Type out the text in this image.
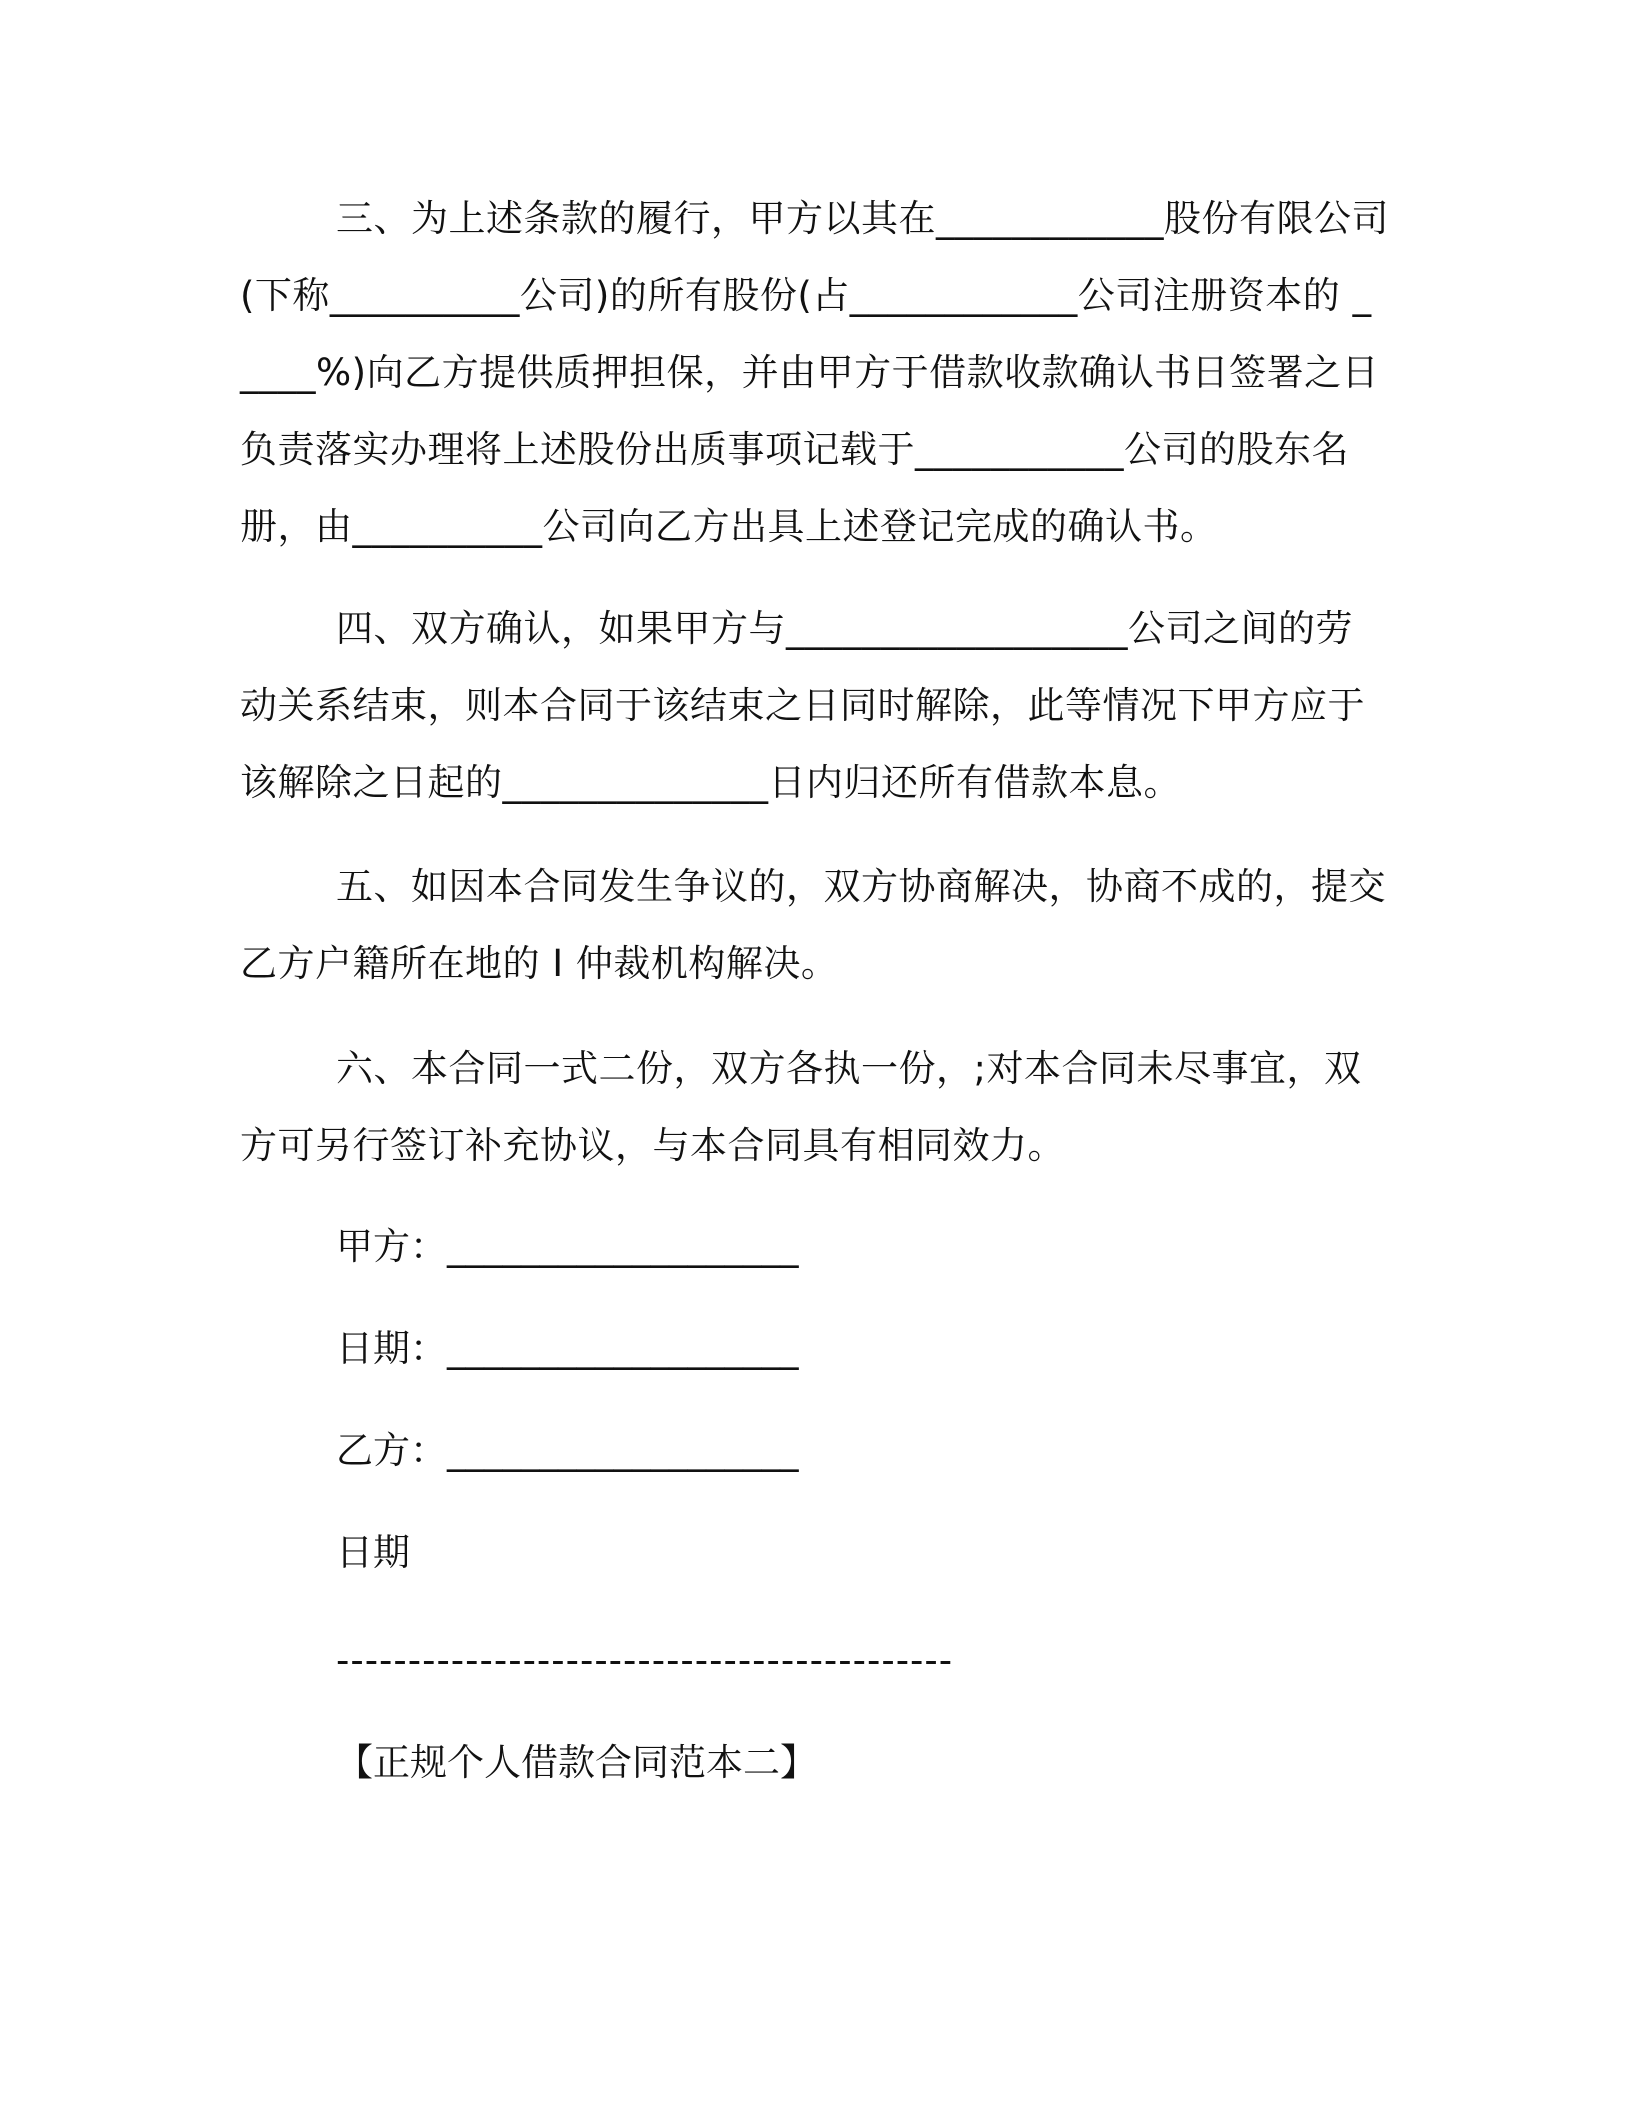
三、为上述条款的履行，甲方以其在____________股份有限公司(下称__________公司)的所有股份(占____________公司注册资本的 _____%)向乙方提供质押担保，并由甲方于借款收款确认书日签署之日负责落实办理将上述股份出质事项记载于___________公司的股东名册，由__________公司向乙方出具上述登记完成的确认书。

四、双方确认，如果甲方与__________________公司之间的劳动关系结束，则本合同于该结束之日同时解除，此等情况下甲方应于该解除之日起的______________日内归还所有借款本息。

五、如因本合同发生争议的，双方协商解决，协商不成的，提交乙方户籍所在地的 I 仲裁机构解决。

六、本合同一式二份，双方各执一份，;对本合同未尽事宜，双方可另行签订补充协议，与本合同具有相同效力。

甲方：___________________
日期：___________________
乙方：___________________
日期
-------------------------------------------
【正规个人借款合同范本二】
